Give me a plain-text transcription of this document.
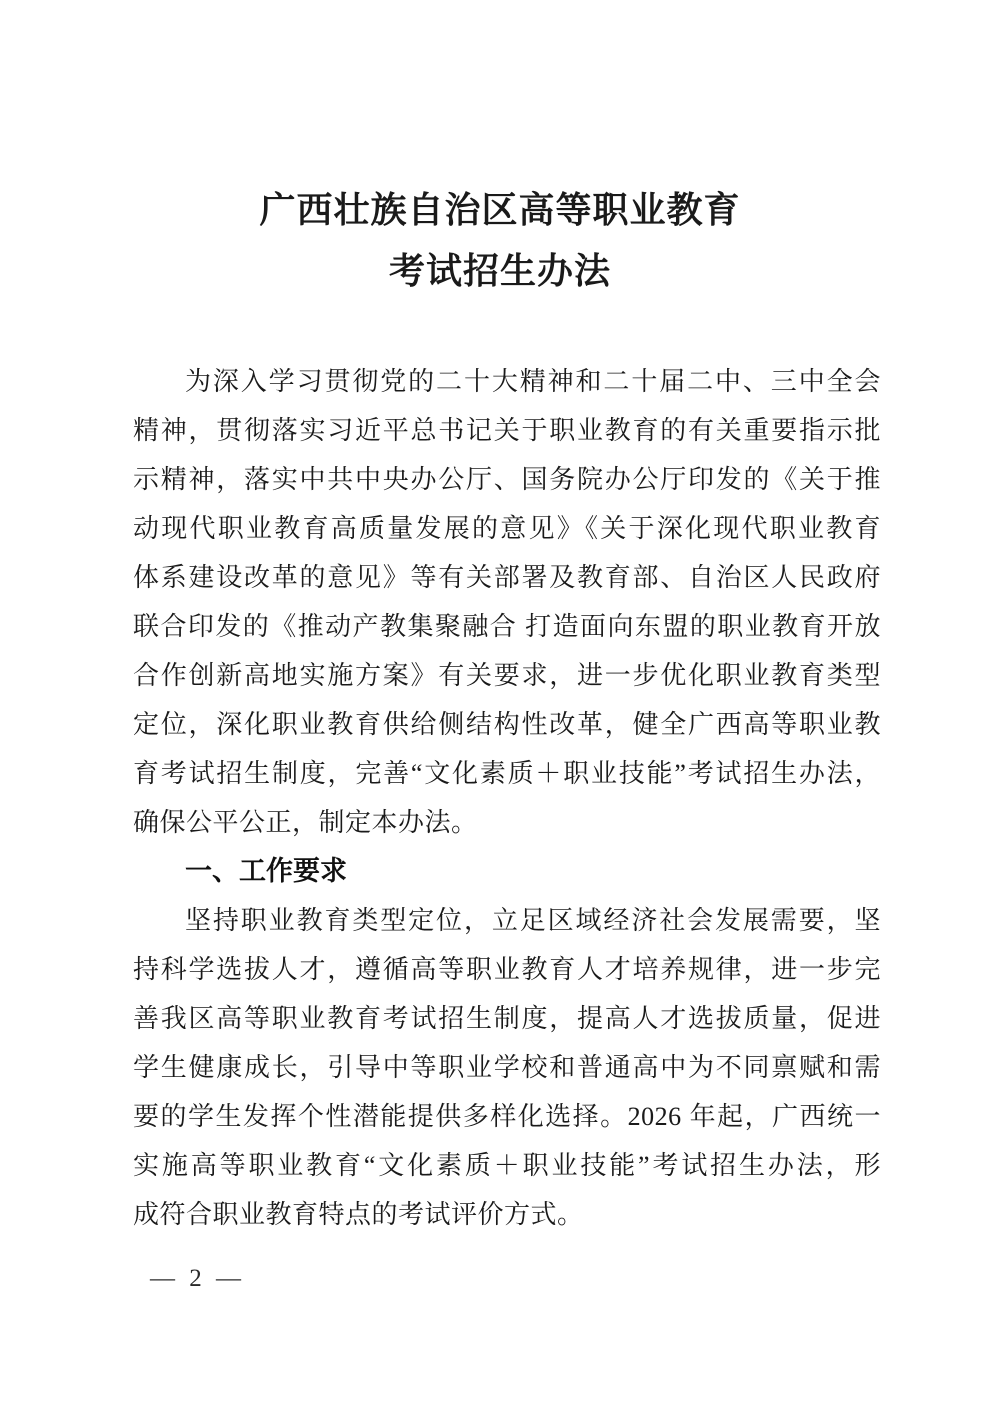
广西壮族自治区高等职业教育
考试招生办法
为深入学习贯彻党的二十大精神和二十届二中、三中全会
精神，贯彻落实习近平总书记关于职业教育的有关重要指示批
示精神，落实中共中央办公厅、国务院办公厅印发的《关于推
动现代职业教育高质量发展的意见》《关于深化现代职业教育
体系建设改革的意见》等有关部署及教育部、自治区人民政府
联合印发的《推动产教集聚融合 打造面向东盟的职业教育开放
合作创新高地实施方案》有关要求，进一步优化职业教育类型
定位，深化职业教育供给侧结构性改革，健全广西高等职业教
育考试招生制度，完善“文化素质＋职业技能”考试招生办法，
确保公平公正，制定本办法。
一、工作要求
坚持职业教育类型定位，立足区域经济社会发展需要，坚
持科学选拔人才，遵循高等职业教育人才培养规律，进一步完
善我区高等职业教育考试招生制度，提高人才选拔质量，促进
学生健康成长，引导中等职业学校和普通高中为不同禀赋和需
要的学生发挥个性潜能提供多样化选择。2026 年起，广西统一
实施高等职业教育“文化素质＋职业技能”考试招生办法，形
成符合职业教育特点的考试评价方式。
— 2 —
